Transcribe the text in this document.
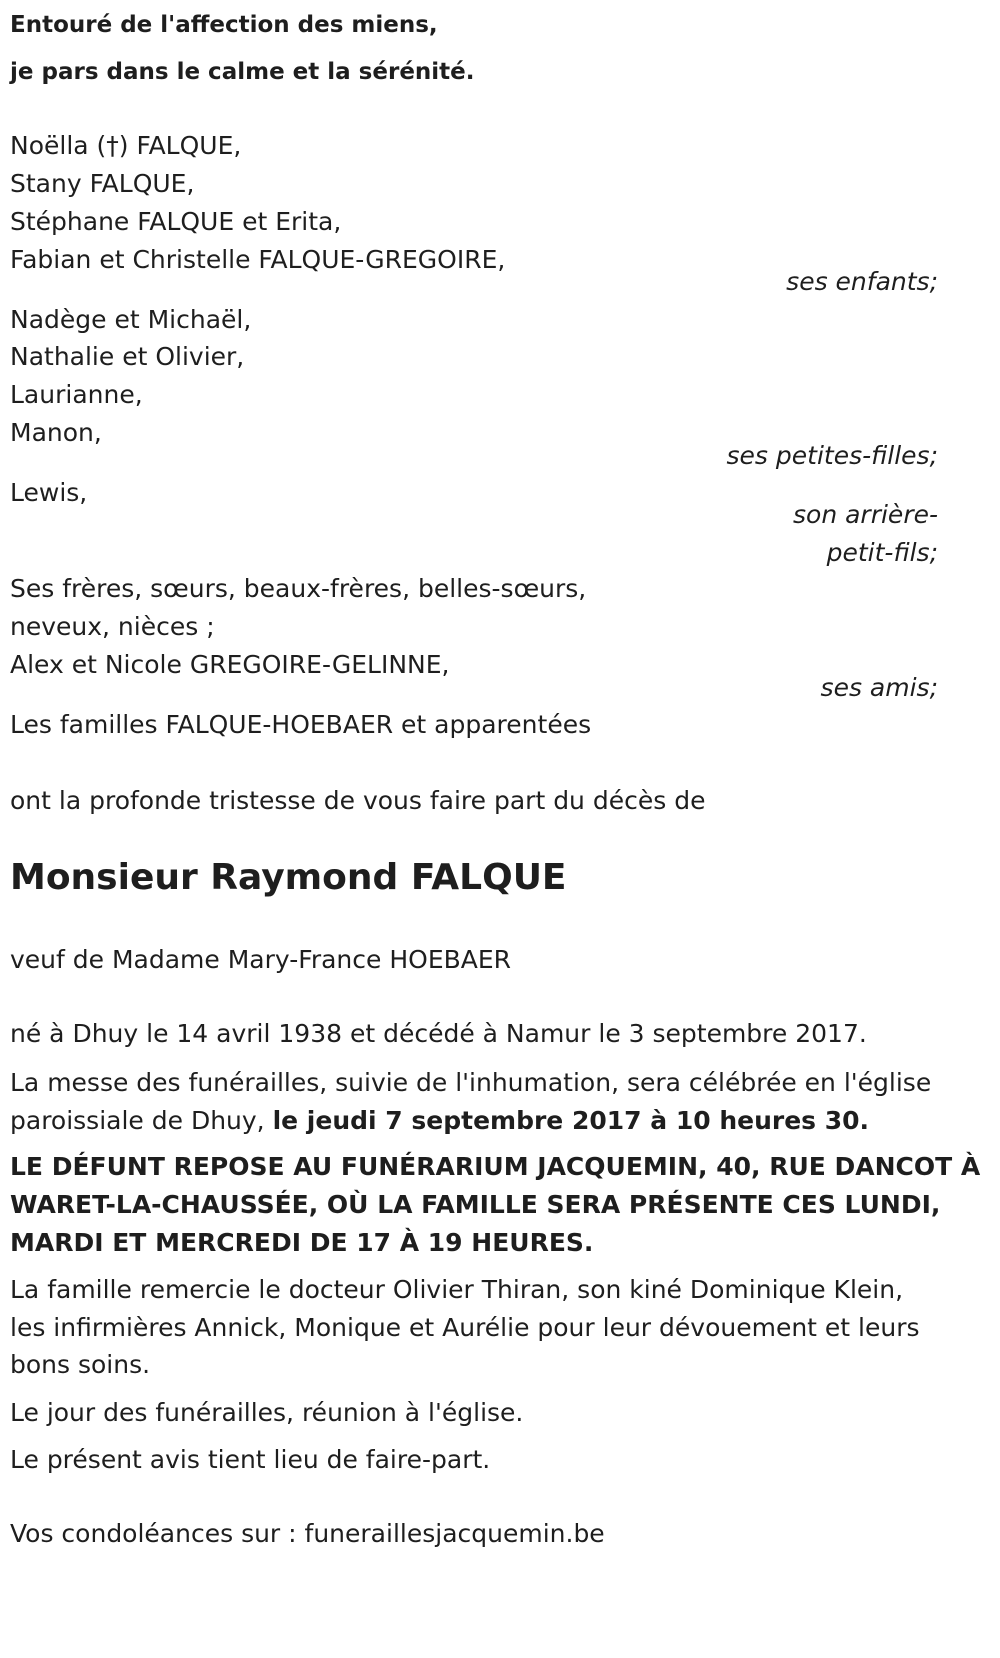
Entouré de l'affection des miens,
je pars dans le calme et la sérénité.
Noëlla (†) FALQUE,
Stany FALQUE,
Stéphane FALQUE et Erita,
Fabian et Christelle FALQUE-GREGOIRE,
ses enfants;
Nadège et Michaël,
Nathalie et Olivier,
Laurianne,
Manon,
ses petites-filles;
Lewis,
son arrière-
petit-fils;
Ses frères, sœurs, beaux-frères, belles-sœurs,
neveux, nièces ;
Alex et Nicole GREGOIRE-GELINNE,
ses amis;
Les familles FALQUE-HOEBAER et apparentées
ont la profonde tristesse de vous faire part du décès de
Monsieur Raymond FALQUE
veuf de Madame Mary-France HOEBAER
né à Dhuy le 14 avril 1938 et décédé à Namur le 3 septembre 2017.
La messe des funérailles, suivie de l'inhumation, sera célébrée en l'église
paroissiale de Dhuy, le jeudi 7 septembre 2017 à 10 heures 30.
LE DÉFUNT REPOSE AU FUNÉRARIUM JACQUEMIN, 40, RUE DANCOT À
WARET-LA-CHAUSSÉE, OÙ LA FAMILLE SERA PRÉSENTE CES LUNDI,
MARDI ET MERCREDI DE 17 À 19 HEURES.
La famille remercie le docteur Olivier Thiran, son kiné Dominique Klein,
les infirmières Annick, Monique et Aurélie pour leur dévouement et leurs
bons soins.
Le jour des funérailles, réunion à l'église.
Le présent avis tient lieu de faire-part.
Vos condoléances sur : funeraillesjacquemin.be
